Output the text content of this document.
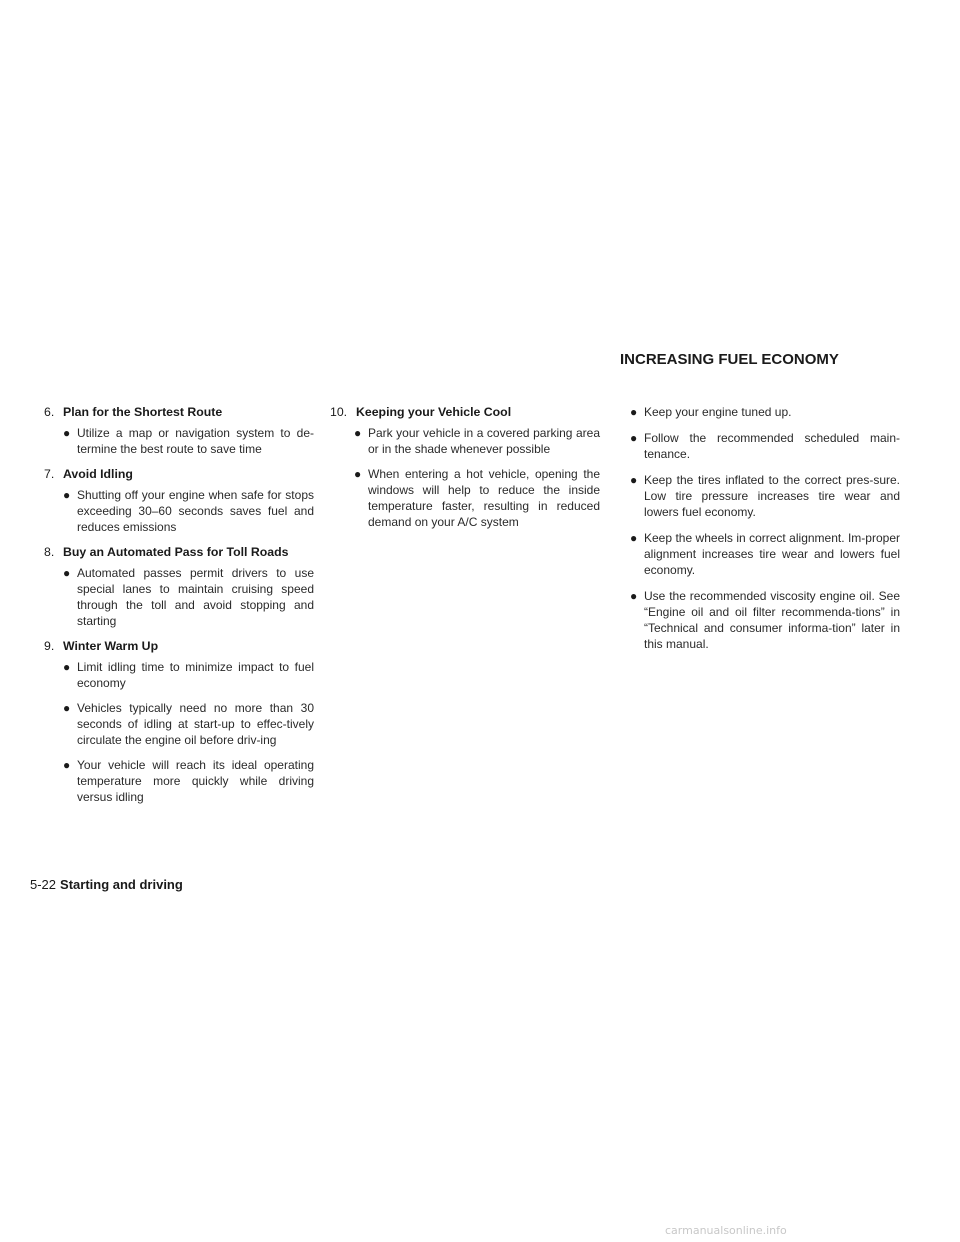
INCREASING FUEL ECONOMY
6. Plan for the Shortest Route
● Utilize a map or navigation system to de-termine the best route to save time
7. Avoid Idling
● Shutting off your engine when safe for stops exceeding 30–60 seconds saves fuel and reduces emissions
8. Buy an Automated Pass for Toll Roads
● Automated passes permit drivers to use special lanes to maintain cruising speed through the toll and avoid stopping and starting
9. Winter Warm Up
● Limit idling time to minimize impact to fuel economy
● Vehicles typically need no more than 30 seconds of idling at start-up to effec-tively circulate the engine oil before driv-ing
● Your vehicle will reach its ideal operating temperature more quickly while driving versus idling
10. Keeping your Vehicle Cool
● Park your vehicle in a covered parking area or in the shade whenever possible
● When entering a hot vehicle, opening the windows will help to reduce the inside temperature faster, resulting in reduced demand on your A/C system
● Keep your engine tuned up.
● Follow the recommended scheduled main-tenance.
● Keep the tires inflated to the correct pres-sure. Low tire pressure increases tire wear and lowers fuel economy.
● Keep the wheels in correct alignment. Im-proper alignment increases tire wear and lowers fuel economy.
● Use the recommended viscosity engine oil. See “Engine oil and oil filter recommenda-tions” in “Technical and consumer informa-tion” later in this manual.
5-22 Starting and driving
carmanualsonline.info
